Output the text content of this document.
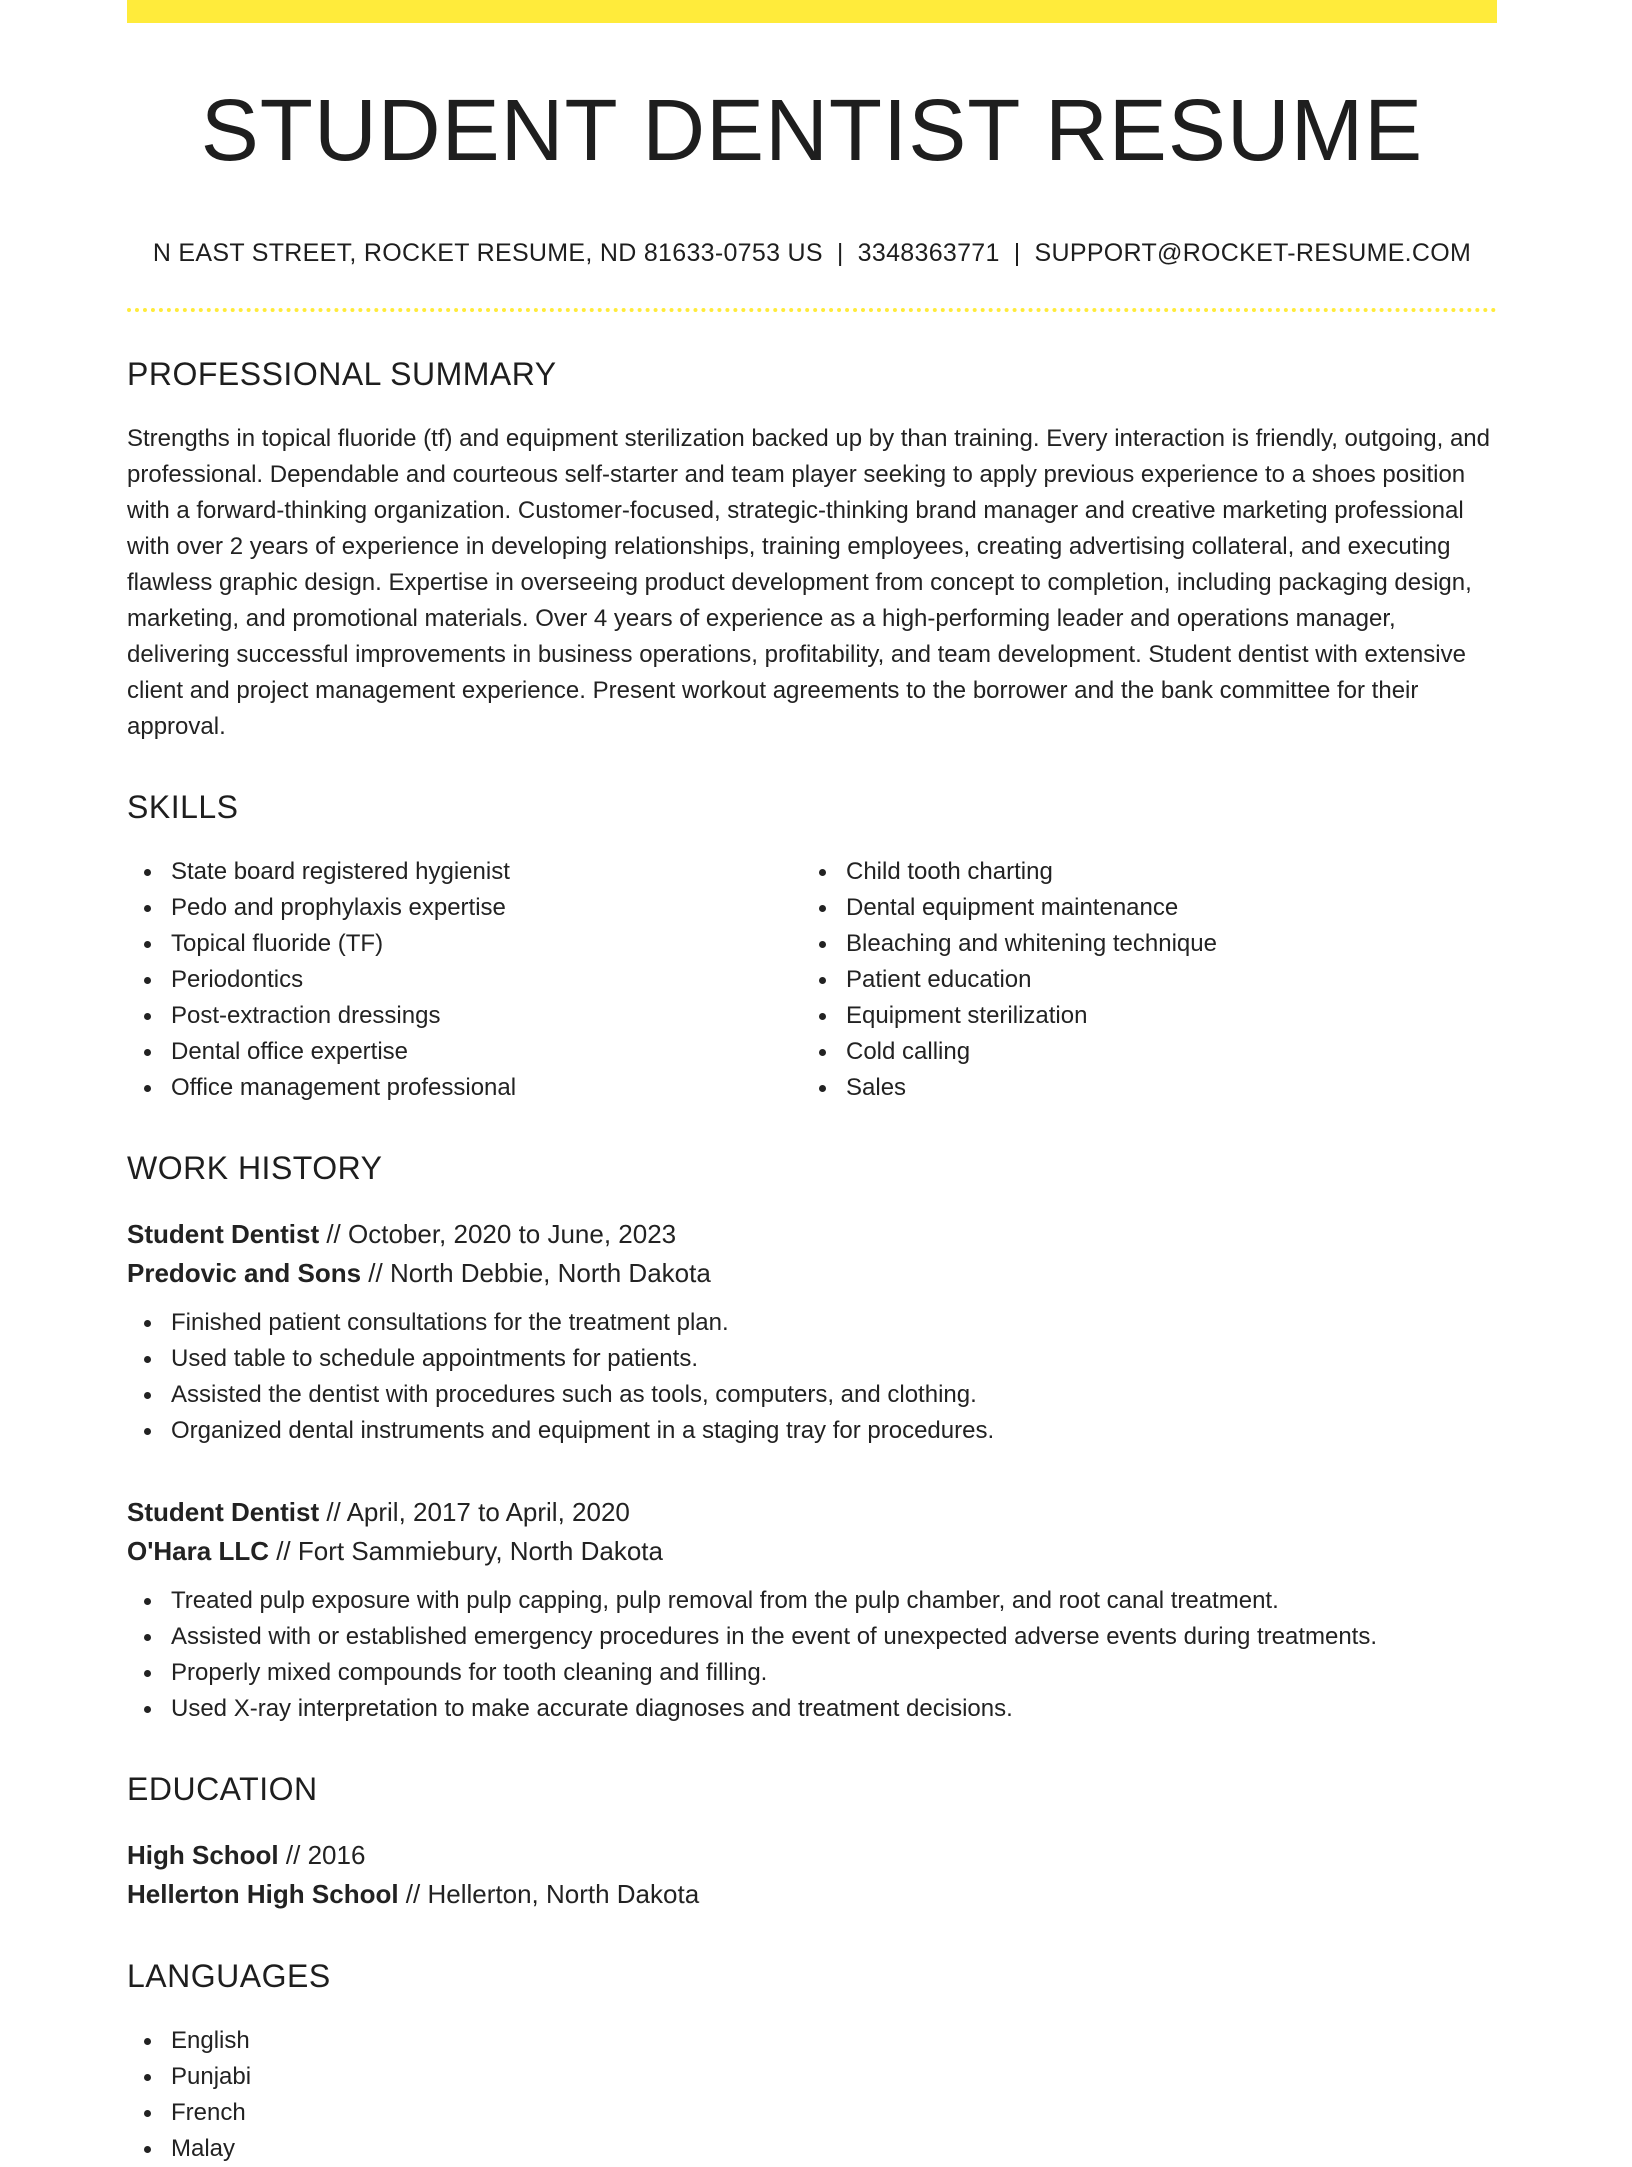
STUDENT DENTIST RESUME
N EAST STREET, ROCKET RESUME, ND 81633-0753 US | 3348363771 | SUPPORT@ROCKET-RESUME.COM
PROFESSIONAL SUMMARY
Strengths in topical fluoride (tf) and equipment sterilization backed up by than training. Every interaction is friendly, outgoing, and professional. Dependable and courteous self-starter and team player seeking to apply previous experience to a shoes position with a forward-thinking organization. Customer-focused, strategic-thinking brand manager and creative marketing professional with over 2 years of experience in developing relationships, training employees, creating advertising collateral, and executing flawless graphic design. Expertise in overseeing product development from concept to completion, including packaging design, marketing, and promotional materials. Over 4 years of experience as a high-performing leader and operations manager, delivering successful improvements in business operations, profitability, and team development. Student dentist with extensive client and project management experience. Present workout agreements to the borrower and the bank committee for their approval.
SKILLS
State board registered hygienist
Pedo and prophylaxis expertise
Topical fluoride (TF)
Periodontics
Post-extraction dressings
Dental office expertise
Office management professional
Child tooth charting
Dental equipment maintenance
Bleaching and whitening technique
Patient education
Equipment sterilization
Cold calling
Sales
WORK HISTORY
Student Dentist // October, 2020 to June, 2023
Predovic and Sons // North Debbie, North Dakota
Finished patient consultations for the treatment plan.
Used table to schedule appointments for patients.
Assisted the dentist with procedures such as tools, computers, and clothing.
Organized dental instruments and equipment in a staging tray for procedures.
Student Dentist // April, 2017 to April, 2020
O'Hara LLC // Fort Sammiebury, North Dakota
Treated pulp exposure with pulp capping, pulp removal from the pulp chamber, and root canal treatment.
Assisted with or established emergency procedures in the event of unexpected adverse events during treatments.
Properly mixed compounds for tooth cleaning and filling.
Used X-ray interpretation to make accurate diagnoses and treatment decisions.
EDUCATION
High School // 2016
Hellerton High School // Hellerton, North Dakota
LANGUAGES
English
Punjabi
French
Malay
